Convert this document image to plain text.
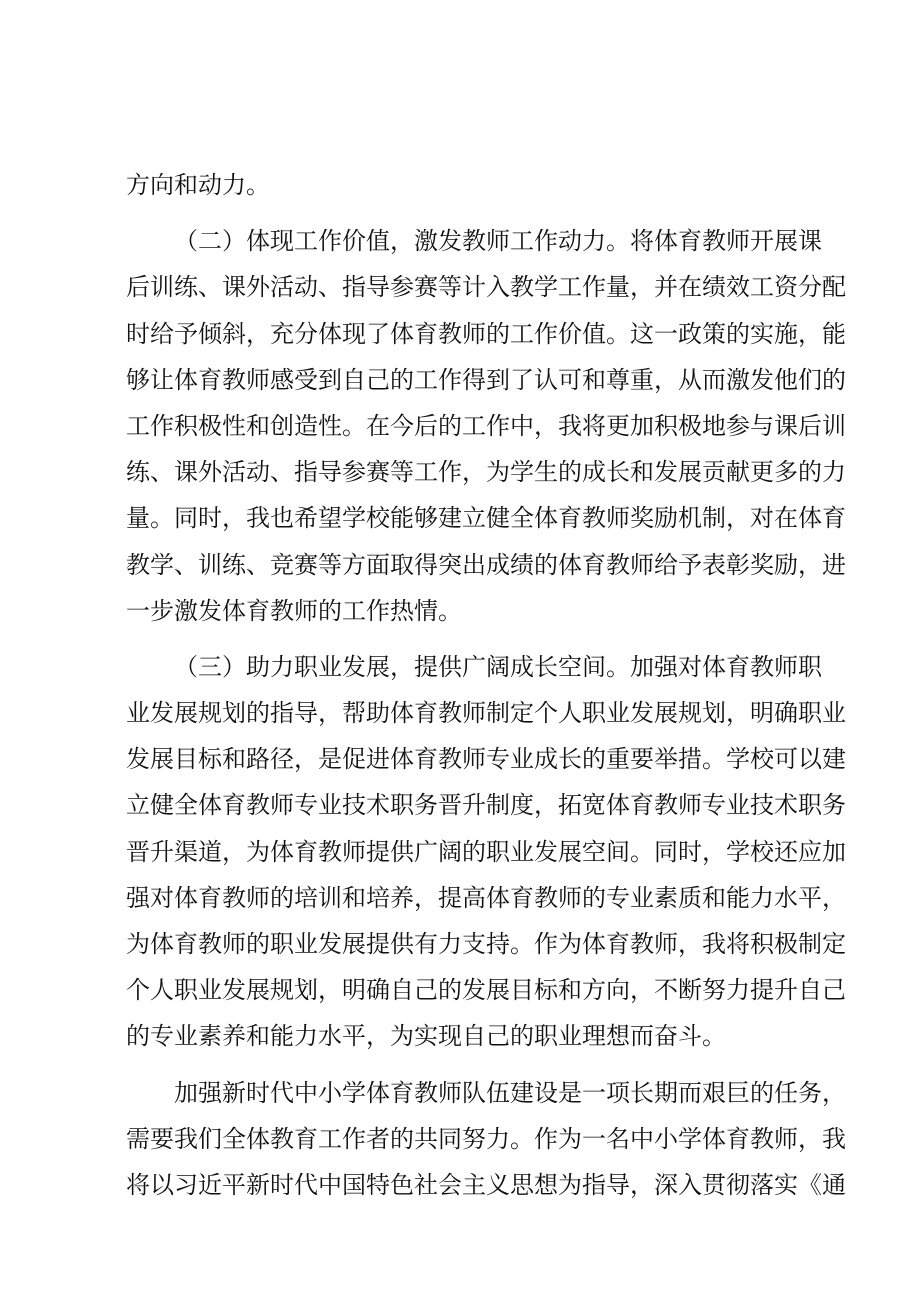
方向和动力。
（二）体现工作价值，激发教师工作动力。将体育教师开展课
后训练、课外活动、指导参赛等计入教学工作量，并在绩效工资分配
时给予倾斜，充分体现了体育教师的工作价值。这一政策的实施，能
够让体育教师感受到自己的工作得到了认可和尊重，从而激发他们的
工作积极性和创造性。在今后的工作中，我将更加积极地参与课后训
练、课外活动、指导参赛等工作，为学生的成长和发展贡献更多的力
量。同时，我也希望学校能够建立健全体育教师奖励机制，对在体育
教学、训练、竞赛等方面取得突出成绩的体育教师给予表彰奖励，进
一步激发体育教师的工作热情。
（三）助力职业发展，提供广阔成长空间。加强对体育教师职
业发展规划的指导，帮助体育教师制定个人职业发展规划，明确职业
发展目标和路径，是促进体育教师专业成长的重要举措。学校可以建
立健全体育教师专业技术职务晋升制度，拓宽体育教师专业技术职务
晋升渠道，为体育教师提供广阔的职业发展空间。同时，学校还应加
强对体育教师的培训和培养，提高体育教师的专业素质和能力水平，
为体育教师的职业发展提供有力支持。作为体育教师，我将积极制定
个人职业发展规划，明确自己的发展目标和方向，不断努力提升自己
的专业素养和能力水平，为实现自己的职业理想而奋斗。
加强新时代中小学体育教师队伍建设是一项长期而艰巨的任务，
需要我们全体教育工作者的共同努力。作为一名中小学体育教师，我
将以习近平新时代中国特色社会主义思想为指导，深入贯彻落实《通
